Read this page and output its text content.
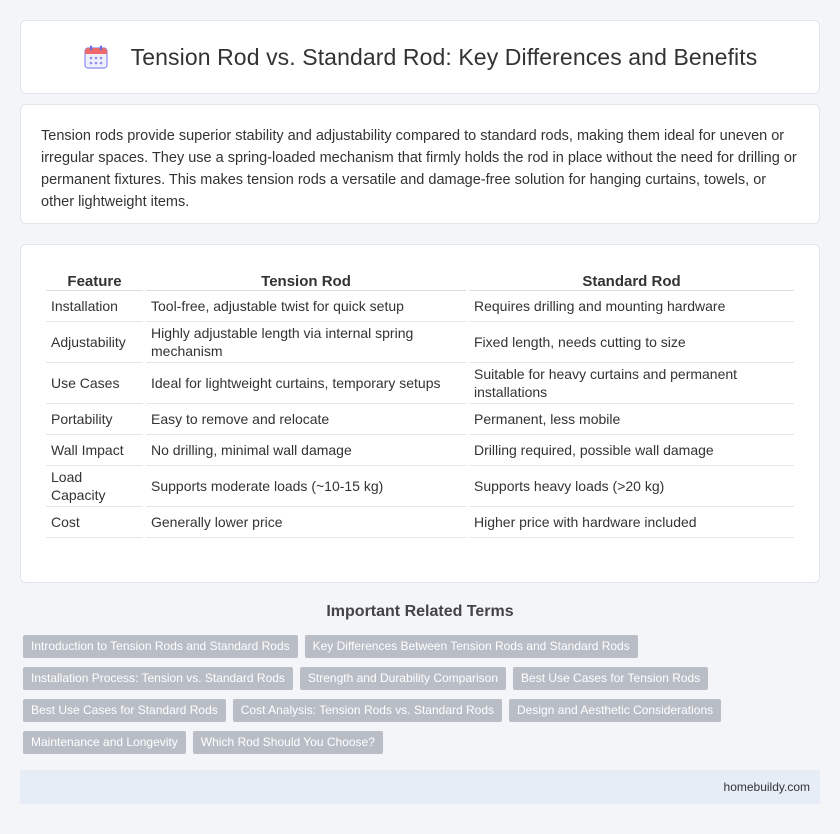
Tension Rod vs. Standard Rod: Key Differences and Benefits

Tension rods provide superior stability and adjustability compared to standard rods, making them ideal for uneven or irregular spaces. They use a spring-loaded mechanism that firmly holds the rod in place without the need for drilling or permanent fixtures. This makes tension rods a versatile and damage-free solution for hanging curtains, towels, or other lightweight items.

Feature	Tension Rod	Standard Rod
Installation	Tool-free, adjustable twist for quick setup	Requires drilling and mounting hardware
Adjustability	Highly adjustable length via internal spring mechanism	Fixed length, needs cutting to size
Use Cases	Ideal for lightweight curtains, temporary setups	Suitable for heavy curtains and permanent installations
Portability	Easy to remove and relocate	Permanent, less mobile
Wall Impact	No drilling, minimal wall damage	Drilling required, possible wall damage
Load Capacity	Supports moderate loads (~10-15 kg)	Supports heavy loads (>20 kg)
Cost	Generally lower price	Higher price with hardware included
Important Related Terms
Introduction to Tension Rods and Standard Rods	Key Differences Between Tension Rods and Standard Rods
Installation Process: Tension vs. Standard Rods	Strength and Durability Comparison	Best Use Cases for Tension Rods
Best Use Cases for Standard Rods	Cost Analysis: Tension Rods vs. Standard Rods	Design and Aesthetic Considerations
Maintenance and Longevity	Which Rod Should You Choose?
homebuildy.com
